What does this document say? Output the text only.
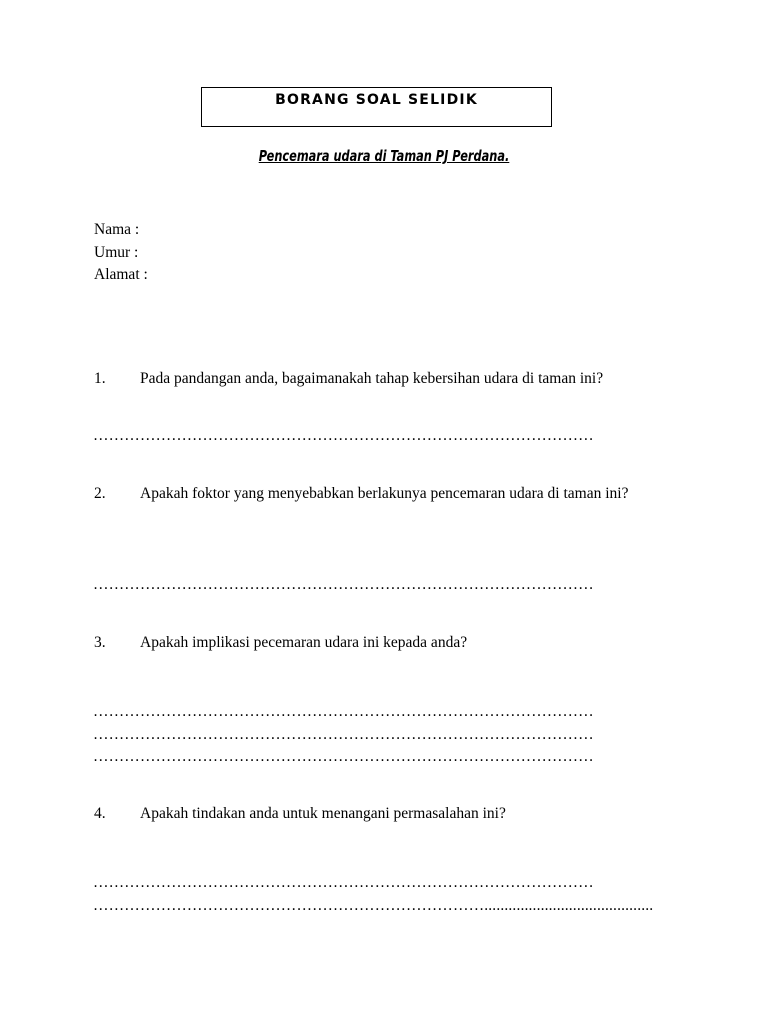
BORANG SOAL SELIDIK
Pencemara udara di Taman PJ Perdana.
Nama :
Umur :
Alamat :
1. Pada pandangan anda, bagaimanakah tahap kebersihan udara di taman ini?
……………………………………………………………………………………
2. Apakah foktor yang menyebabkan berlakunya pencemaran udara di taman ini?
……………………………………………………………………………………
3. Apakah implikasi pecemaran udara ini kepada anda?
……………………………………………………………………………………
……………………………………………………………………………………
……………………………………………………………………………………
4. Apakah tindakan anda untuk menangani permasalahan ini?
……………………………………………………………………………………
…………………………………………………………………..........................................
